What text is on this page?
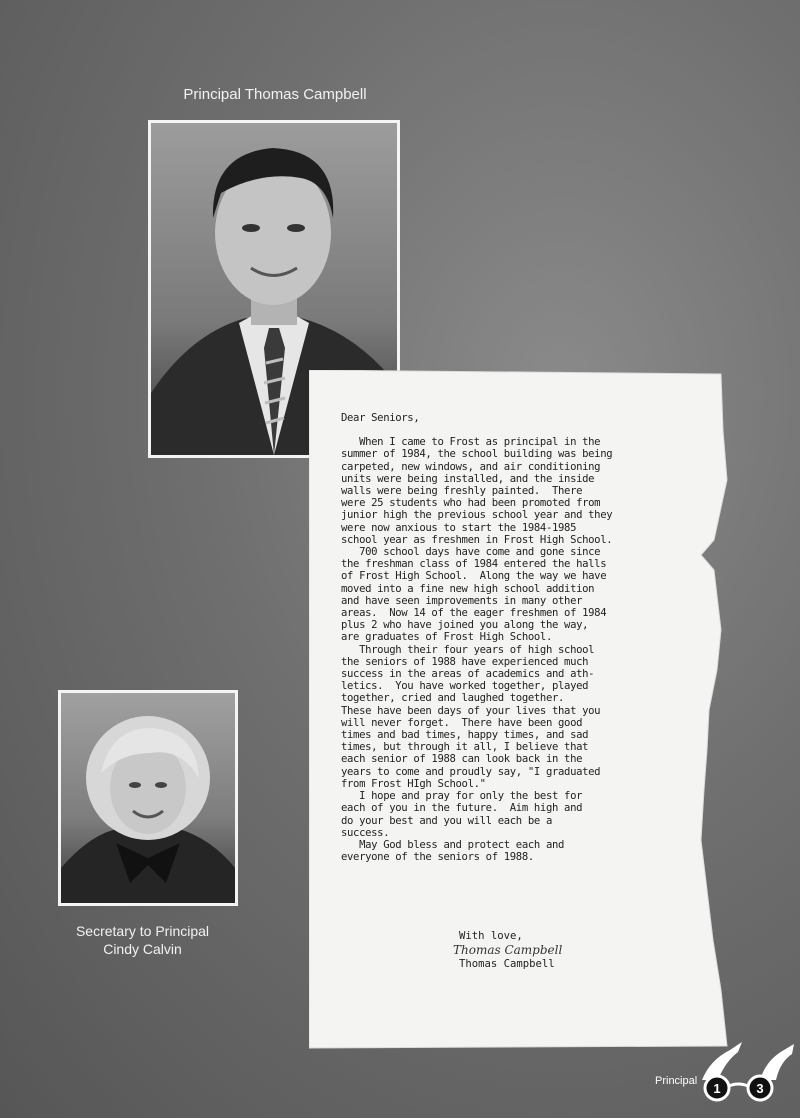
Principal Thomas Campbell
Secretary to Principal
Cindy Calvin

Dear Seniors,

When I came to Frost as principal in the

summer of 1984, the school building was being

carpeted, new windows, and air conditioning

units were being installed, and the inside

walls were being freshly painted.  There

were 25 students who had been promoted from

junior high the previous school year and they

were now anxious to start the 1984-1985

school year as freshmen in Frost High School.

700 school days have come and gone since

the freshman class of 1984 entered the halls

of Frost High School.  Along the way we have

moved into a fine new high school addition

and have seen improvements in many other

areas.  Now 14 of the eager freshmen of 1984

plus 2 who have joined you along the way,

are graduates of Frost High School.

Through their four years of high school

the seniors of 1988 have experienced much

success in the areas of academics and ath-

letics.  You have worked together, played

together, cried and laughed together.

These have been days of your lives that you

will never forget.  There have been good

times and bad times, happy times, and sad

times, but through it all, I believe that

each senior of 1988 can look back in the

years to come and proudly say, "I graduated

from Frost HIgh School."

I hope and pray for only the best for

each of you in the future.  Aim high and

do your best and you will each be a

success.

May God bless and protect each and

everyone of the seniors of 1988.

With love,
Thomas Campbell
Thomas Campbell
Principal 1	3
